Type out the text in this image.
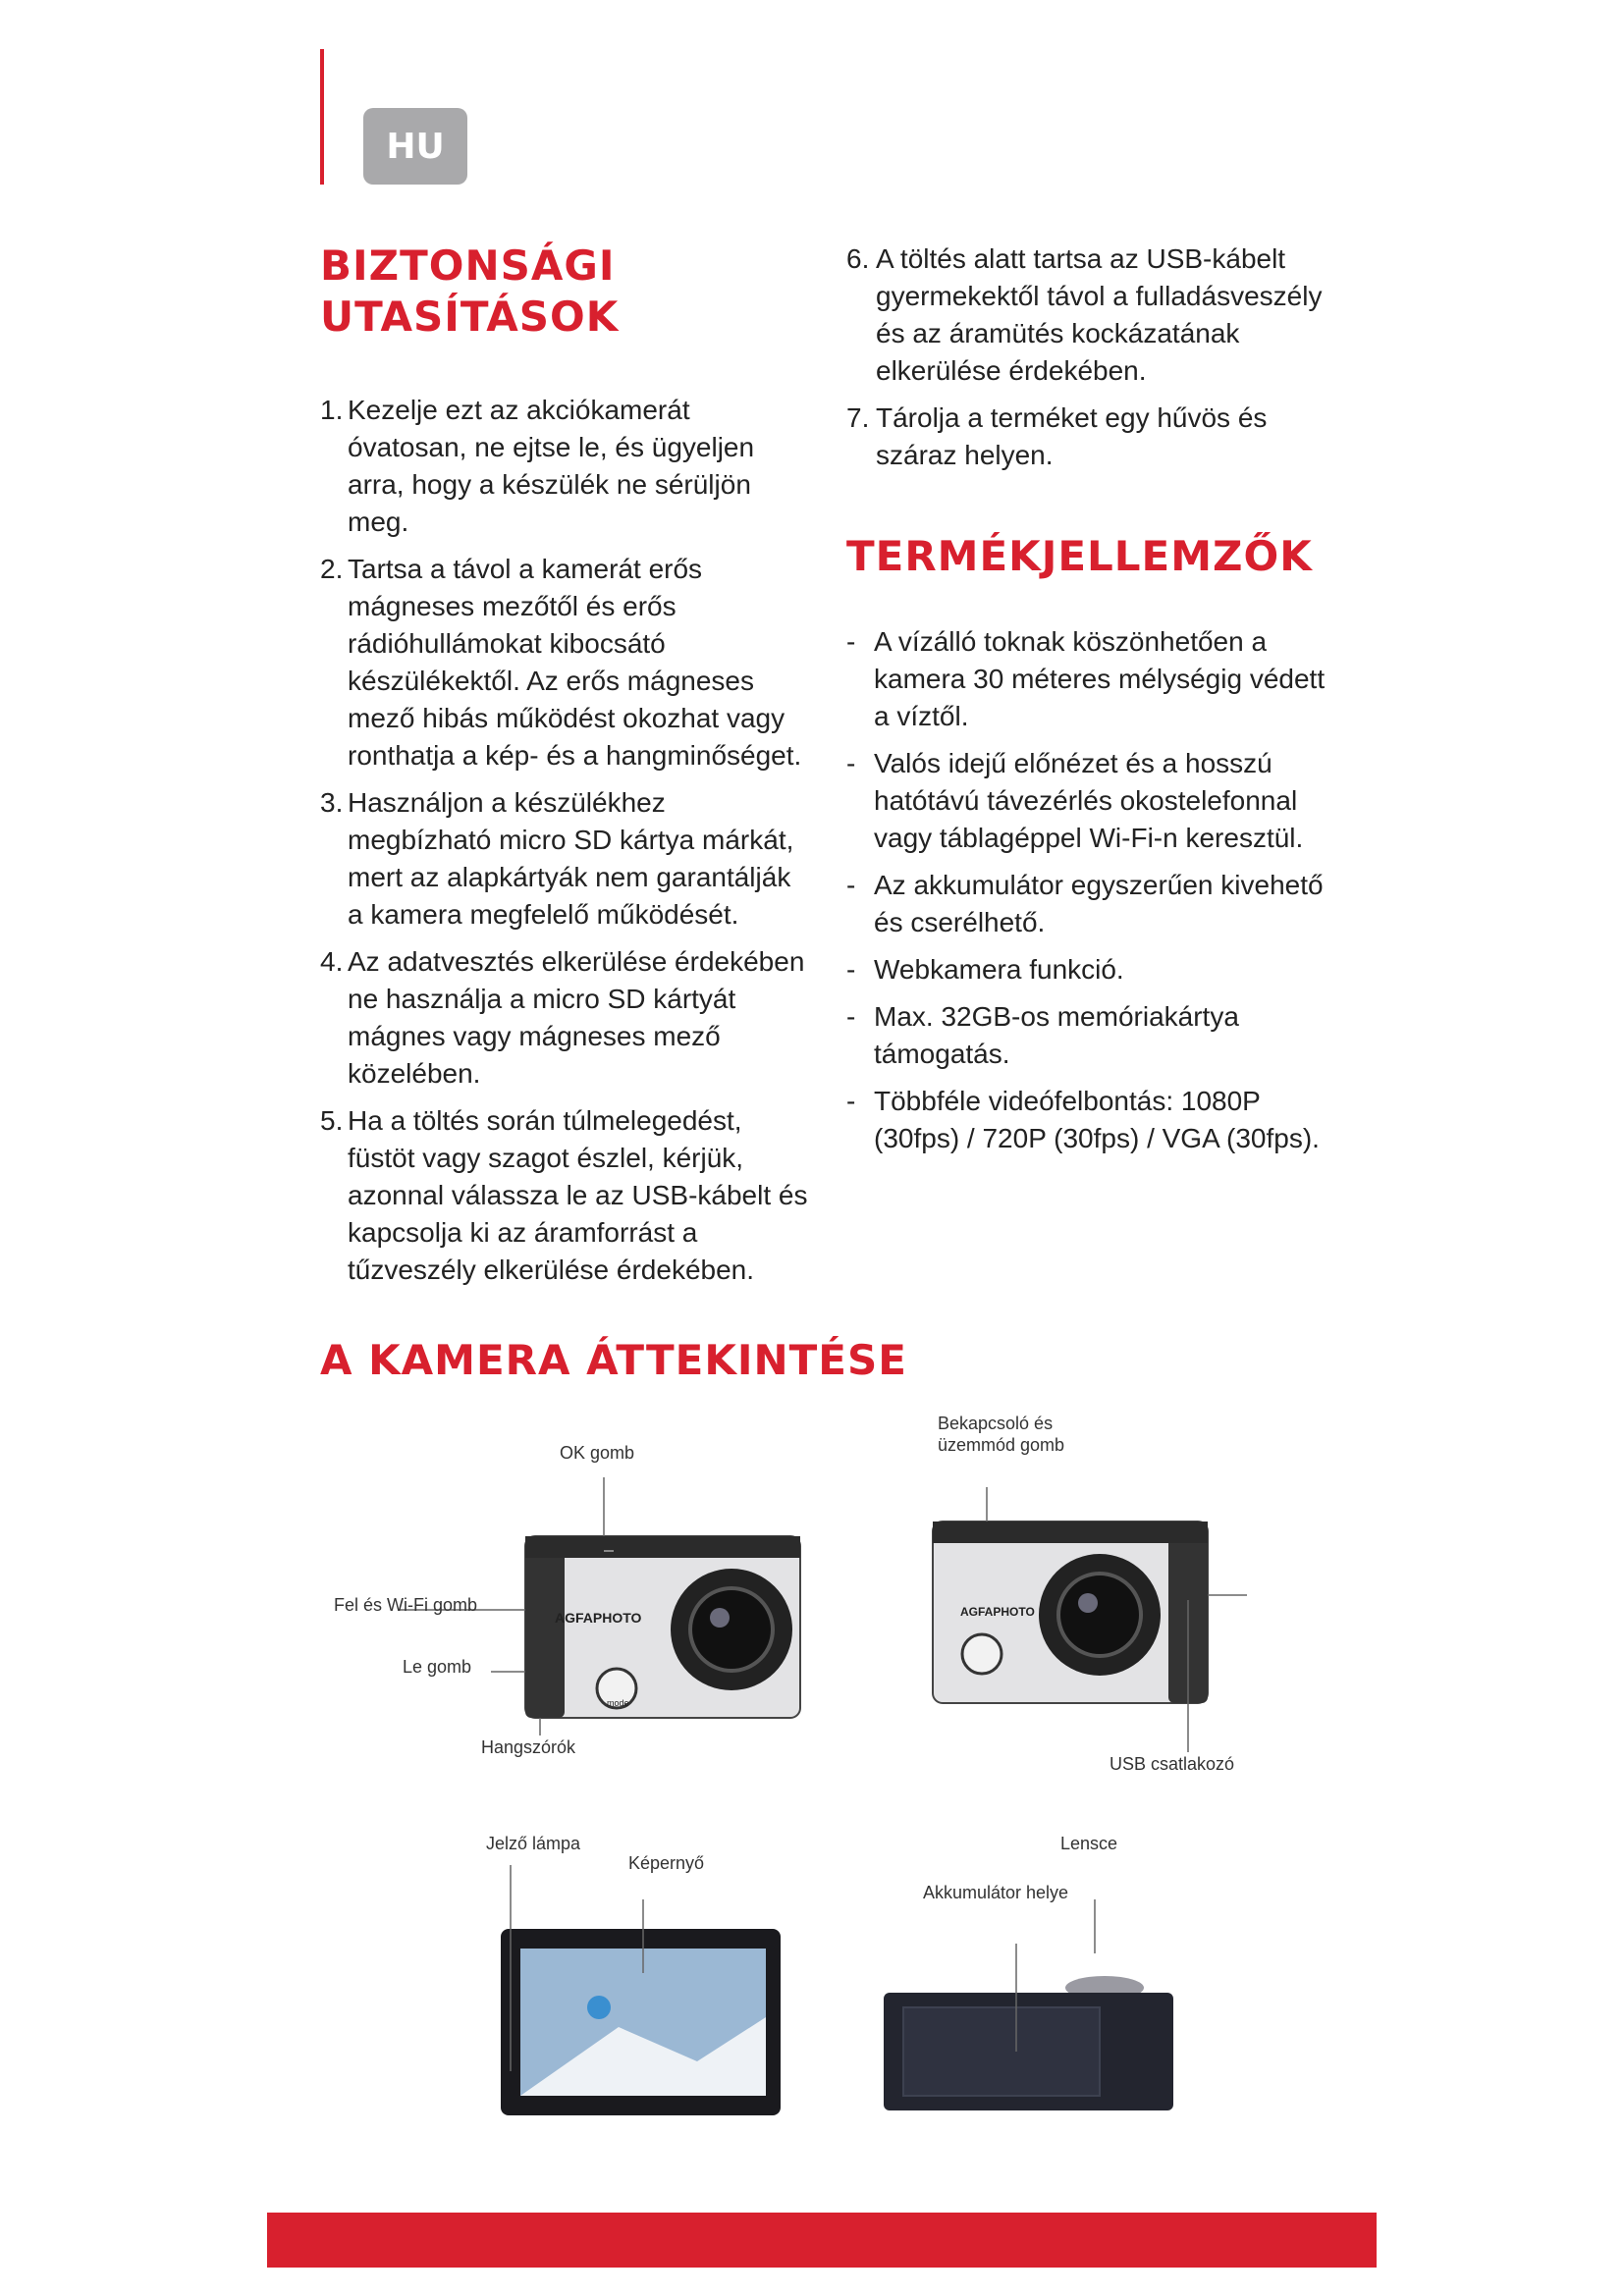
HU
BIZTONSÁGI
UTASÍTÁSOK
1. Kezelje ezt az akciókamerát óvatosan, ne ejtse le, és ügyeljen arra, hogy a készülék ne sérüljön meg.
2. Tartsa a távol a kamerát erős mágneses mezőtől és erős rádióhullámokat kibocsátó készülékektől. Az erős mágneses mező hibás működést okozhat vagy ronthatja a kép- és a hangminőséget.
3. Használjon a készülékhez megbízható micro SD kártya márkát, mert az alapkártyák nem garantálják a kamera megfelelő működését.
4. Az adatvesztés elkerülése érdekében ne használja a micro SD kártyát mágnes vagy mágneses mező közelében.
5. Ha a töltés során túlmelegedést, füstöt vagy szagot észlel, kérjük, azonnal válassza le az USB-kábelt és kapcsolja ki az áramforrást a tűzveszély elkerülése érdekében.
6. A töltés alatt tartsa az USB-kábelt gyermekektől távol a fulladásveszély és az áramütés kockázatának elkerülése érdekében.
7. Tárolja a terméket egy hűvös és száraz helyen.
TERMÉKJELLEMZŐK
- A vízálló toknak köszönhetően a kamera 30 méteres mélységig védett a víztől.
- Valós idejű előnézet és a hosszú hatótávú távezérlés okostelefonnal vagy táblagéppel Wi-Fi-n keresztül.
- Az akkumulátor egyszerűen kivehető és cserélhető.
- Webkamera funkció.
- Max. 32GB-os memóriakártya támogatás.
- Többféle videófelbontás: 1080P (30fps) / 720P (30fps) / VGA (30fps).
A KAMERA ÁTTEKINTÉSE
AGFAPHOTO
mode
OK gomb
Fel és Wi-Fi gomb
Le gomb
Hangszórók
AGFAPHOTO
Bekapcsoló és
üzemmód gomb
USB csatlakozó
Jelző lámpa
Képernyő
Lensce
Akkumulátor helye
